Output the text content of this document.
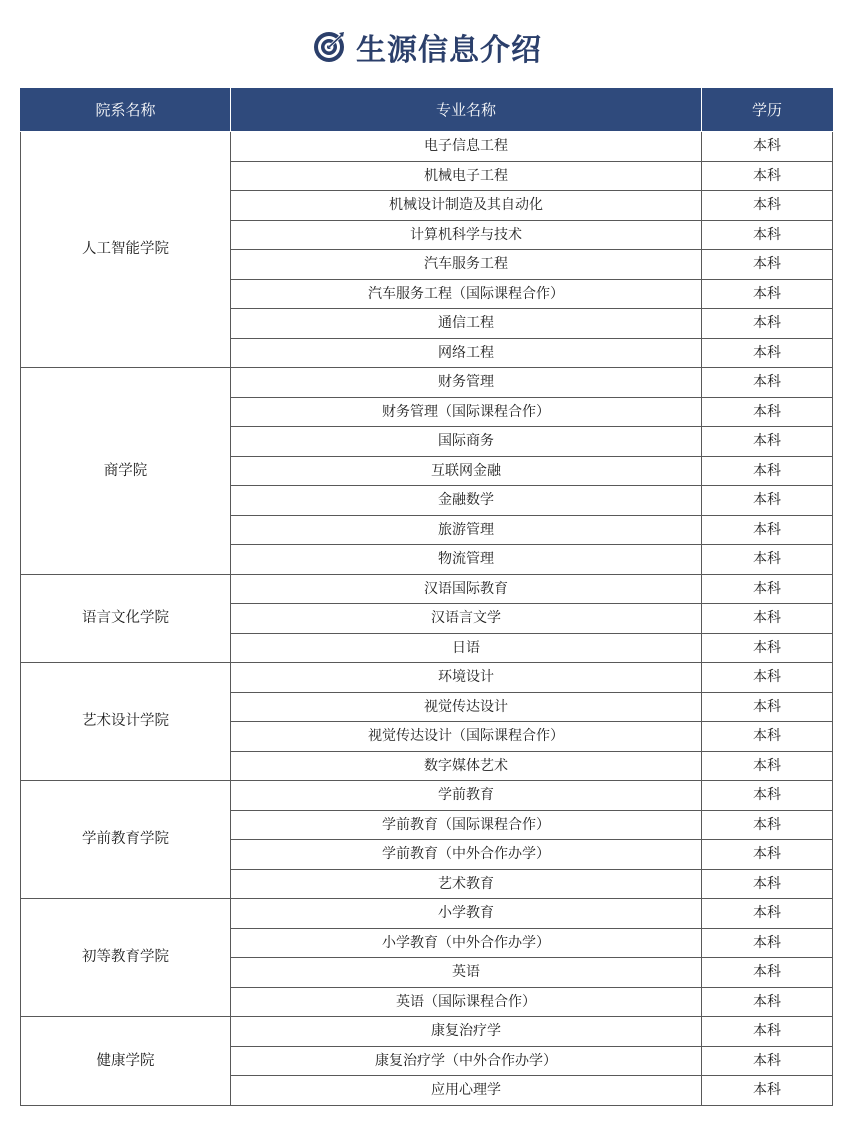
生源信息介绍
院系名称	专业名称	学历
人工智能学院	电子信息工程	本科
	机械电子工程	本科
	机械设计制造及其自动化	本科
	计算机科学与技术	本科
	汽车服务工程	本科
	汽车服务工程（国际课程合作）	本科
	通信工程	本科
	网络工程	本科
商学院	财务管理	本科
	财务管理（国际课程合作）	本科
	国际商务	本科
	互联网金融	本科
	金融数学	本科
	旅游管理	本科
	物流管理	本科
语言文化学院	汉语国际教育	本科
	汉语言文学	本科
	日语	本科
艺术设计学院	环境设计	本科
	视觉传达设计	本科
	视觉传达设计（国际课程合作）	本科
	数字媒体艺术	本科
学前教育学院	学前教育	本科
	学前教育（国际课程合作）	本科
	学前教育（中外合作办学）	本科
	艺术教育	本科
初等教育学院	小学教育	本科
	小学教育（中外合作办学）	本科
	英语	本科
	英语（国际课程合作）	本科
健康学院	康复治疗学	本科
	康复治疗学（中外合作办学）	本科
	应用心理学	本科
